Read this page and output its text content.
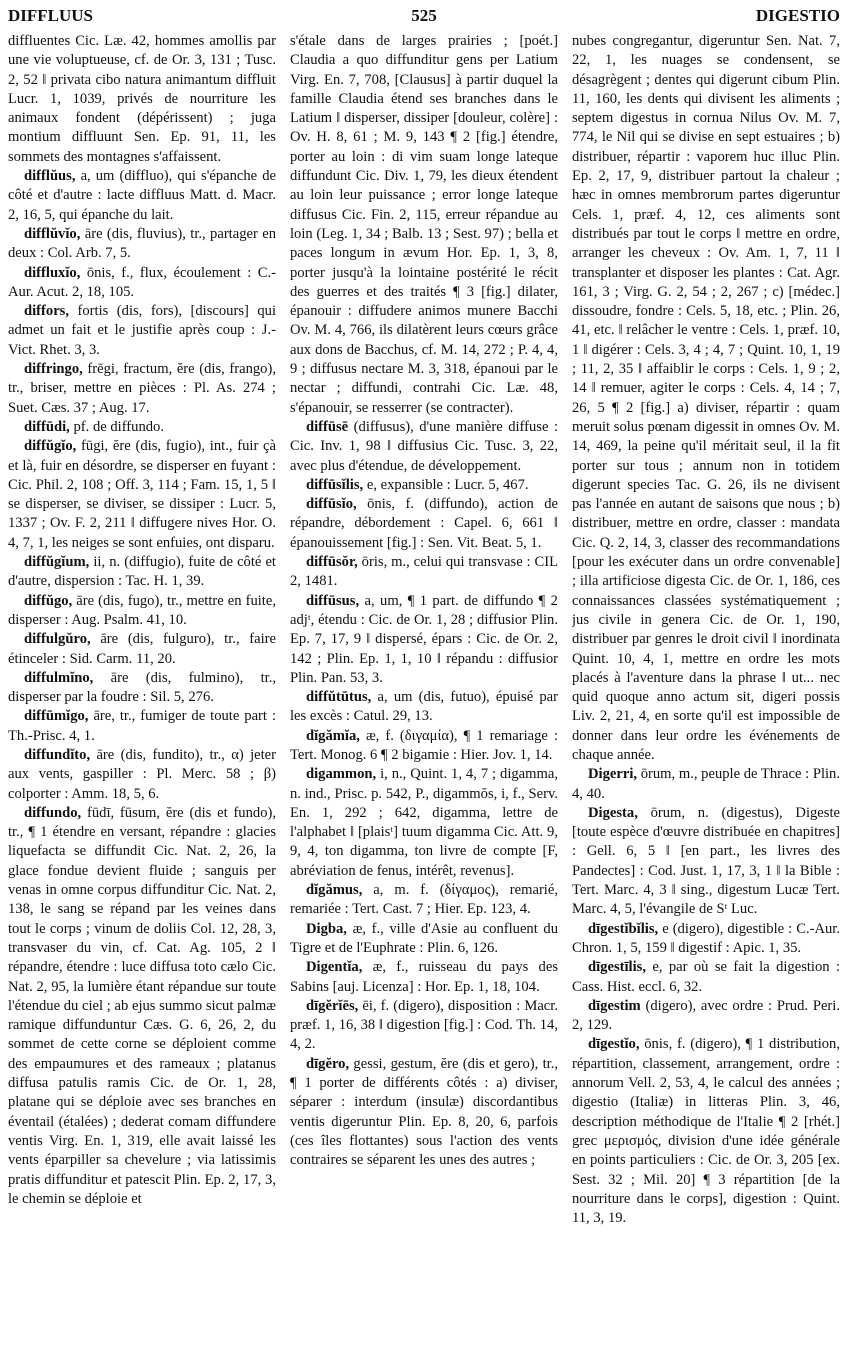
DIFFLUUS	525	DIGESTIO

diffluentes Cic. Læ. 42, hommes amollis par une vie voluptueuse, cf. de Or. 3, 131 ; Tusc. 2, 52 ‖ privata cibo natura animantum diffluit Lucr. 1, 1039, privés de nourriture les animaux fondent (dépérissent) ; juga montium diffluunt Sen. Ep. 91, 11, les sommets des montagnes s'affaissent.

difflŭus, a, um (diffluo), qui s'épanche de côté et d'autre : lacte diffluus Matt. d. Macr. 2, 16, 5, qui épanche du lait.

difflŭvĭo, āre (dis, fluvius), tr., partager en deux : Col. Arb. 7, 5.

diffluxĭo, ōnis, f., flux, écoulement : C.-Aur. Acut. 2, 18, 105.

diffors, fortis (dis, fors), [discours] qui admet un fait et le justifie après coup : J.-Vict. Rhet. 3, 3.

diffringo, frēgi, fractum, ĕre (dis, frango), tr., briser, mettre en pièces : Pl. As. 274 ; Suet. Cæs. 37 ; Aug. 17.

diffūdi, pf. de diffundo.

diffŭgĭo, fūgi, ĕre (dis, fugio), int., fuir çà et là, fuir en désordre, se disperser en fuyant : Cic. Phil. 2, 108 ; Off. 3, 114 ; Fam. 15, 1, 5 ‖ se disperser, se diviser, se dissiper : Lucr. 5, 1337 ; Ov. F. 2, 211 ‖ diffugere nives Hor. O. 4, 7, 1, les neiges se sont enfuies, ont disparu.

diffŭgĭum, ii, n. (diffugio), fuite de côté et d'autre, dispersion : Tac. H. 1, 39.

diffŭgo, āre (dis, fugo), tr., mettre en fuite, disperser : Aug. Psalm. 41, 10.

diffulgŭro, āre (dis, fulguro), tr., faire étinceler : Sid. Carm. 11, 20.

diffulmĭno, āre (dis, fulmino), tr., disperser par la foudre : Sil. 5, 276.

diffūmĭgo, āre, tr., fumiger de toute part : Th.-Prisc. 4, 1.

diffundĭto, āre (dis, fundito), tr., α) jeter aux vents, gaspiller : Pl. Merc. 58 ; β) colporter : Amm. 18, 5, 6.

diffundo, fūdī, fūsum, ĕre (dis et fundo), tr., ¶ 1 étendre en versant, répandre : glacies liquefacta se diffundit Cic. Nat. 2, 26, la glace fondue devient fluide ; sanguis per venas in omne corpus diffunditur Cic. Nat. 2, 138, le sang se répand par les veines dans tout le corps ; vinum de doliis Col. 12, 28, 3, transvaser du vin, cf. Cat. Ag. 105, 2 ‖ répandre, étendre : luce diffusa toto cælo Cic. Nat. 2, 95, la lumière étant répandue sur toute l'étendue du ciel ; ab ejus summo sicut palmæ ramique diffunduntur Cæs. G. 6, 26, 2, du sommet de cette corne se déploient comme des empaumures et des rameaux ; platanus diffusa patulis ramis Cic. de Or. 1, 28, platane qui se déploie avec ses branches en éventail (étalées) ; dederat comam diffundere ventis Virg. En. 1, 319, elle avait laissé les vents éparpiller sa chevelure ; via latissimis pratis diffunditur et patescit Plin. Ep. 2, 17, 3, le chemin se déploie et

s'étale dans de larges prairies ; [poét.] Claudia a quo diffunditur gens per Latium Virg. En. 7, 708, [Clausus] à partir duquel la famille Claudia étend ses branches dans le Latium ‖ disperser, dissiper [douleur, colère] : Ov. H. 8, 61 ; M. 9, 143 ¶ 2 [fig.] étendre, porter au loin : di vim suam longe lateque diffundunt Cic. Div. 1, 79, les dieux étendent au loin leur puissance ; error longe lateque diffusus Cic. Fin. 2, 115, erreur répandue au loin (Leg. 1, 34 ; Balb. 13 ; Sest. 97) ; bella et paces longum in ævum Hor. Ep. 1, 3, 8, porter jusqu'à la lointaine postérité le récit des guerres et des traités ¶ 3 [fig.] dilater, épanouir : diffudere animos munere Bacchi Ov. M. 4, 766, ils dilatèrent leurs cœurs grâce aux dons de Bacchus, cf. M. 14, 272 ; P. 4, 4, 9 ; diffusus nectare M. 3, 318, épanoui par le nectar ; diffundi, contrahi Cic. Læ. 48, s'épanouir, se resserrer (se contracter).

diffūsē (diffusus), d'une manière diffuse : Cic. Inv. 1, 98 ‖ diffusius Cic. Tusc. 3, 22, avec plus d'étendue, de développement.

diffūsĭlis, e, expansible : Lucr. 5, 467.

diffūsĭo, ōnis, f. (diffundo), action de répandre, débordement : Capel. 6, 661 ‖ épanouissement [fig.] : Sen. Vit. Beat. 5, 1.

diffūsŏr, ōris, m., celui qui transvase : CIL 2, 1481.

diffūsus, a, um, ¶ 1 part. de diffundo ¶ 2 adjᵗ, étendu : Cic. de Or. 1, 28 ; diffusior Plin. Ep. 7, 17, 9 ‖ dispersé, épars : Cic. de Or. 2, 142 ; Plin. Ep. 1, 1, 10 ‖ répandu : diffusior Plin. Pan. 53, 3.

diffŭtūtus, a, um (dis, futuo), épuisé par les excès : Catul. 29, 13.

dĭgămĭa, æ, f. (διγαμία), ¶ 1 remariage : Tert. Monog. 6 ¶ 2 bigamie : Hier. Jov. 1, 14.

digammon, i, n., Quint. 1, 4, 7 ; digamma, n. ind., Prisc. p. 542, P., digammŏs, i, f., Serv. En. 1, 292 ; 642, digamma, lettre de l'alphabet ‖ [plaisᵗ] tuum digamma Cic. Att. 9, 9, 4, ton digamma, ton livre de compte [F, abréviation de fenus, intérêt, revenus].

dĭgămus, a, m. f. (δίγαμος), remarié, remariée : Tert. Cast. 7 ; Hier. Ep. 123, 4.

Digba, æ, f., ville d'Asie au confluent du Tigre et de l'Euphrate : Plin. 6, 126.

Digentĭa, æ, f., ruisseau du pays des Sabins [auj. Licenza] : Hor. Ep. 1, 18, 104.

dīgĕrĭēs, ēi, f. (digero), disposition : Macr. præf. 1, 16, 38 ‖ digestion [fig.] : Cod. Th. 14, 4, 2.

dīgĕro, gessi, gestum, ĕre (dis et gero), tr., ¶ 1 porter de différents côtés : a) diviser, séparer : interdum (insulæ) discordantibus ventis digeruntur Plin. Ep. 8, 20, 6, parfois (ces îles flottantes) sous l'action des vents contraires se séparent les unes des autres ;

nubes congregantur, digeruntur Sen. Nat. 7, 22, 1, les nuages se condensent, se désagrègent ; dentes qui digerunt cibum Plin. 11, 160, les dents qui divisent les aliments ; septem digestus in cornua Nilus Ov. M. 7, 774, le Nil qui se divise en sept estuaires ; b) distribuer, répartir : vaporem huc illuc Plin. Ep. 2, 17, 9, distribuer partout la chaleur ; hæc in omnes membrorum partes digeruntur Cels. 1, præf. 4, 12, ces aliments sont distribués par tout le corps ‖ mettre en ordre, arranger les cheveux : Ov. Am. 1, 7, 11 ‖ transplanter et disposer les plantes : Cat. Agr. 161, 3 ; Virg. G. 2, 54 ; 2, 267 ; c) [médec.] dissoudre, fondre : Cels. 5, 18, etc. ; Plin. 26, 41, etc. ‖ relâcher le ventre : Cels. 1, præf. 10, 1 ‖ digérer : Cels. 3, 4 ; 4, 7 ; Quint. 10, 1, 19 ; 11, 2, 35 ‖ affaiblir le corps : Cels. 1, 9 ; 2, 14 ‖ remuer, agiter le corps : Cels. 4, 14 ; 7, 26, 5 ¶ 2 [fig.] a) diviser, répartir : quam meruit solus pœnam digessit in omnes Ov. M. 14, 469, la peine qu'il méritait seul, il la fit porter sur tous ; annum non in totidem digerunt species Tac. G. 26, ils ne divisent pas l'année en autant de saisons que nous ; b) distribuer, mettre en ordre, classer : mandata Cic. Q. 2, 14, 3, classer des recommandations [pour les exécuter dans un ordre convenable] ; illa artificiose digesta Cic. de Or. 1, 186, ces connaissances classées systématiquement ; jus civile in genera Cic. de Or. 1, 190, distribuer par genres le droit civil ‖ inordinata Quint. 10, 4, 1, mettre en ordre les mots placés à l'aventure dans la phrase ‖ ut... nec quid quoque anno actum sit, digeri possis Liv. 2, 21, 4, en sorte qu'il est impossible de donner dans leur ordre les événements de chaque année.

Digerri, ōrum, m., peuple de Thrace : Plin. 4, 40.

Digesta, ōrum, n. (digestus), Digeste [toute espèce d'œuvre distribuée en chapitres] : Gell. 6, 5 ‖ [en part., les livres des Pandectes] : Cod. Just. 1, 17, 3, 1 ‖ la Bible : Tert. Marc. 4, 3 ‖ sing., digestum Lucæ Tert. Marc. 4, 5, l'évangile de Sᵗ Luc.

dīgestĭbĭlis, e (digero), digestible : C.-Aur. Chron. 1, 5, 159 ‖ digestif : Apic. 1, 35.

dīgestīlis, e, par où se fait la digestion : Cass. Hist. eccl. 6, 32.

dīgestim (digero), avec ordre : Prud. Peri. 2, 129.

dīgestĭo, ōnis, f. (digero), ¶ 1 distribution, répartition, classement, arrangement, ordre : annorum Vell. 2, 53, 4, le calcul des années ; digestio (Italiæ) in litteras Plin. 3, 46, description méthodique de l'Italie ¶ 2 [rhét.] grec μερισμός, division d'une idée générale en points particuliers : Cic. de Or. 3, 205 [ex. Sest. 32 ; Mil. 20] ¶ 3 répartition [de la nourriture dans le corps], digestion : Quint. 11, 3, 19.
